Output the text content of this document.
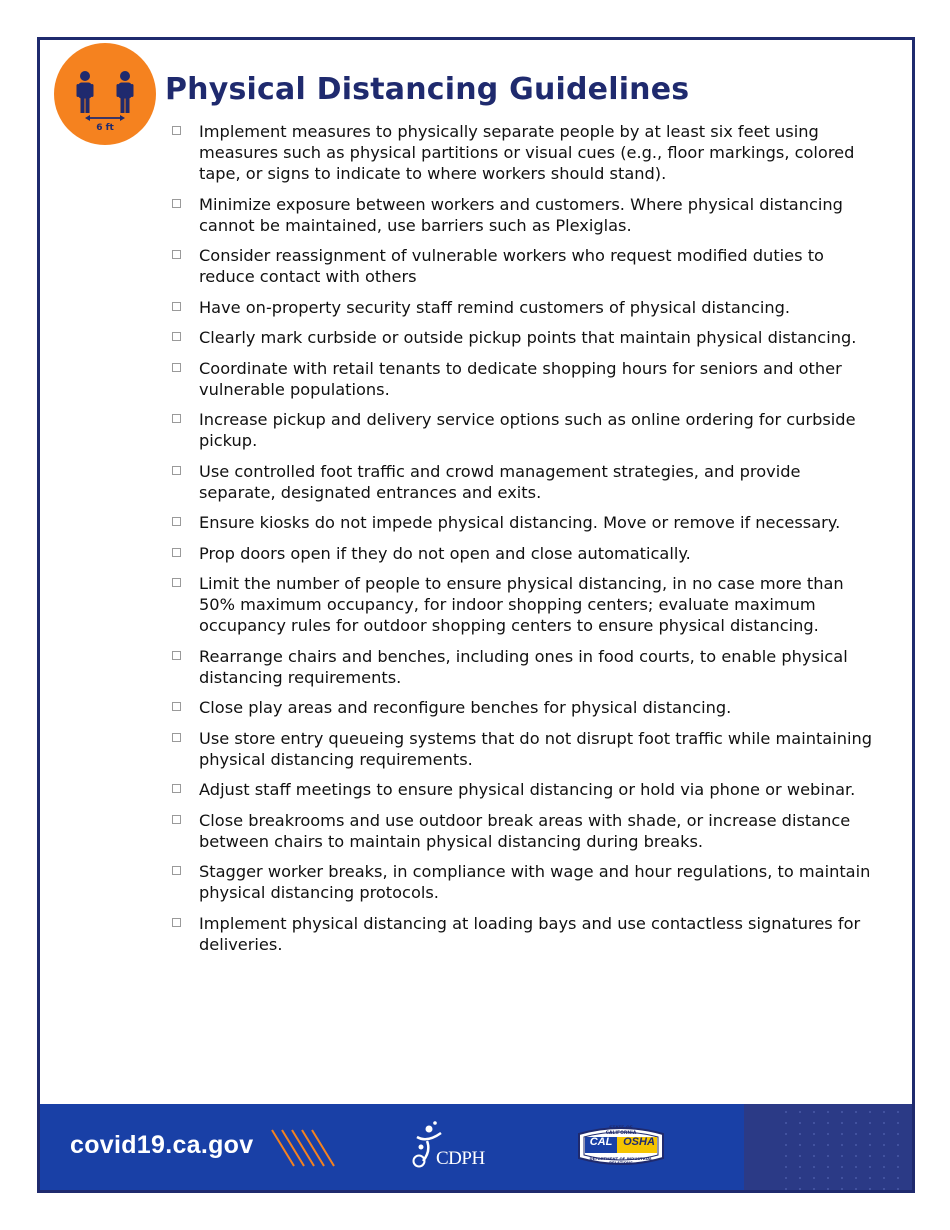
6 ft
Physical Distancing Guidelines
Implement measures to physically separate people by at least six feet using measures such as physical partitions or visual cues (e.g., floor markings, colored tape, or signs to indicate to where workers should stand).
Minimize exposure between workers and customers. Where physical distancing cannot be maintained, use barriers such as Plexiglas.
Consider reassignment of vulnerable workers who request modified duties to reduce contact with others
Have on-property security staff remind customers of physical distancing.
Clearly mark curbside or outside pickup points that maintain physical distancing.
Coordinate with retail tenants to dedicate shopping hours for seniors and other vulnerable populations.
Increase pickup and delivery service options such as online ordering for curbside pickup.
Use controlled foot traffic and crowd management strategies, and provide separate, designated entrances and exits.
Ensure kiosks do not impede physical distancing. Move or remove if necessary.
Prop doors open if they do not open and close automatically.
Limit the number of people to ensure physical distancing, in no case more than 50% maximum occupancy, for indoor shopping centers; evaluate maximum occupancy rules for outdoor shopping centers to ensure physical distancing.
Rearrange chairs and benches, including ones in food courts, to enable physical distancing requirements.
Close play areas and reconfigure benches for physical distancing.
Use store entry queueing systems that do not disrupt foot traffic while maintaining physical distancing requirements.
Adjust staff meetings to ensure physical distancing or hold via phone or webinar.
Close breakrooms and use outdoor break areas with shade, or increase distance between chairs to maintain physical distancing during breaks.
Stagger worker breaks, in compliance with wage and hour regulations, to maintain physical distancing protocols.
Implement physical distancing at loading bays and use contactless signatures for deliveries.
covid19.ca.gov	CDPH
STATE OF CALIFORNIA
CAL OSHA
DEPARTMENT OF INDUSTRIAL RELATIONS
